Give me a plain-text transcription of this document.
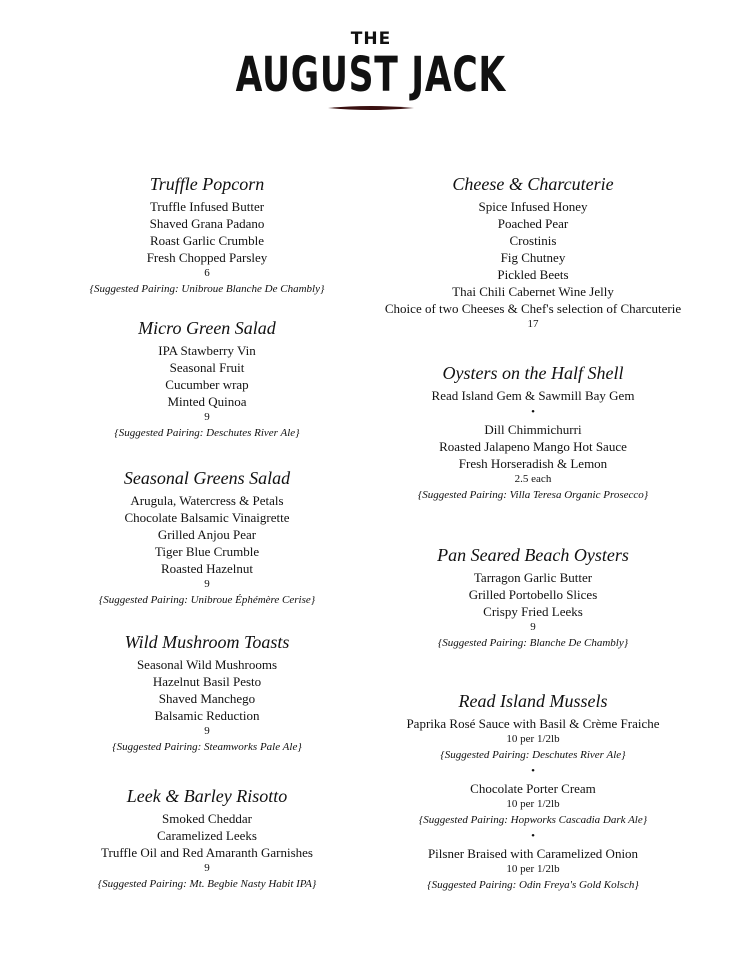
THE
AUGUST JACK
Truffle Popcorn
Truffle Infused Butter
Shaved Grana Padano
Roast Garlic Crumble
Fresh Chopped Parsley
6
{Suggested Pairing: Unibroue Blanche De Chambly}
Micro Green Salad
IPA Stawberry Vin
Seasonal Fruit
Cucumber wrap
Minted Quinoa
9
{Suggested Pairing: Deschutes River Ale}
Seasonal Greens Salad
Arugula, Watercress & Petals
Chocolate Balsamic Vinaigrette
Grilled Anjou Pear
Tiger Blue Crumble
Roasted Hazelnut
9
{Suggested Pairing: Unibroue Éphémère Cerise}
Wild Mushroom Toasts
Seasonal Wild Mushrooms
Hazelnut Basil Pesto
Shaved Manchego
Balsamic Reduction
9
{Suggested Pairing: Steamworks Pale Ale}
Leek & Barley Risotto
Smoked Cheddar
Caramelized Leeks
Truffle Oil and Red Amaranth Garnishes
9
{Suggested Pairing: Mt. Begbie Nasty Habit IPA}
Cheese & Charcuterie
Spice Infused Honey
Poached Pear
Crostinis
Fig Chutney
Pickled Beets
Thai Chili Cabernet Wine Jelly
Choice of two Cheeses & Chef's selection of Charcuterie
17
Oysters on the Half Shell
Read Island Gem & Sawmill Bay Gem
•
Dill Chimmichurri
Roasted Jalapeno Mango Hot Sauce
Fresh Horseradish & Lemon
2.5 each
{Suggested Pairing: Villa Teresa Organic Prosecco}
Pan Seared Beach Oysters
Tarragon Garlic Butter
Grilled Portobello Slices
Crispy Fried Leeks
9
{Suggested Pairing: Blanche De Chambly}
Read Island Mussels
Paprika Rosé Sauce with Basil & Crème Fraiche
10 per 1/2lb
{Suggested Pairing: Deschutes River Ale}
•
Chocolate Porter Cream
10 per 1/2lb
{Suggested Pairing: Hopworks Cascadia Dark Ale}
•
Pilsner Braised with Caramelized Onion
10 per 1/2lb
{Suggested Pairing: Odin Freya's Gold Kolsch}
